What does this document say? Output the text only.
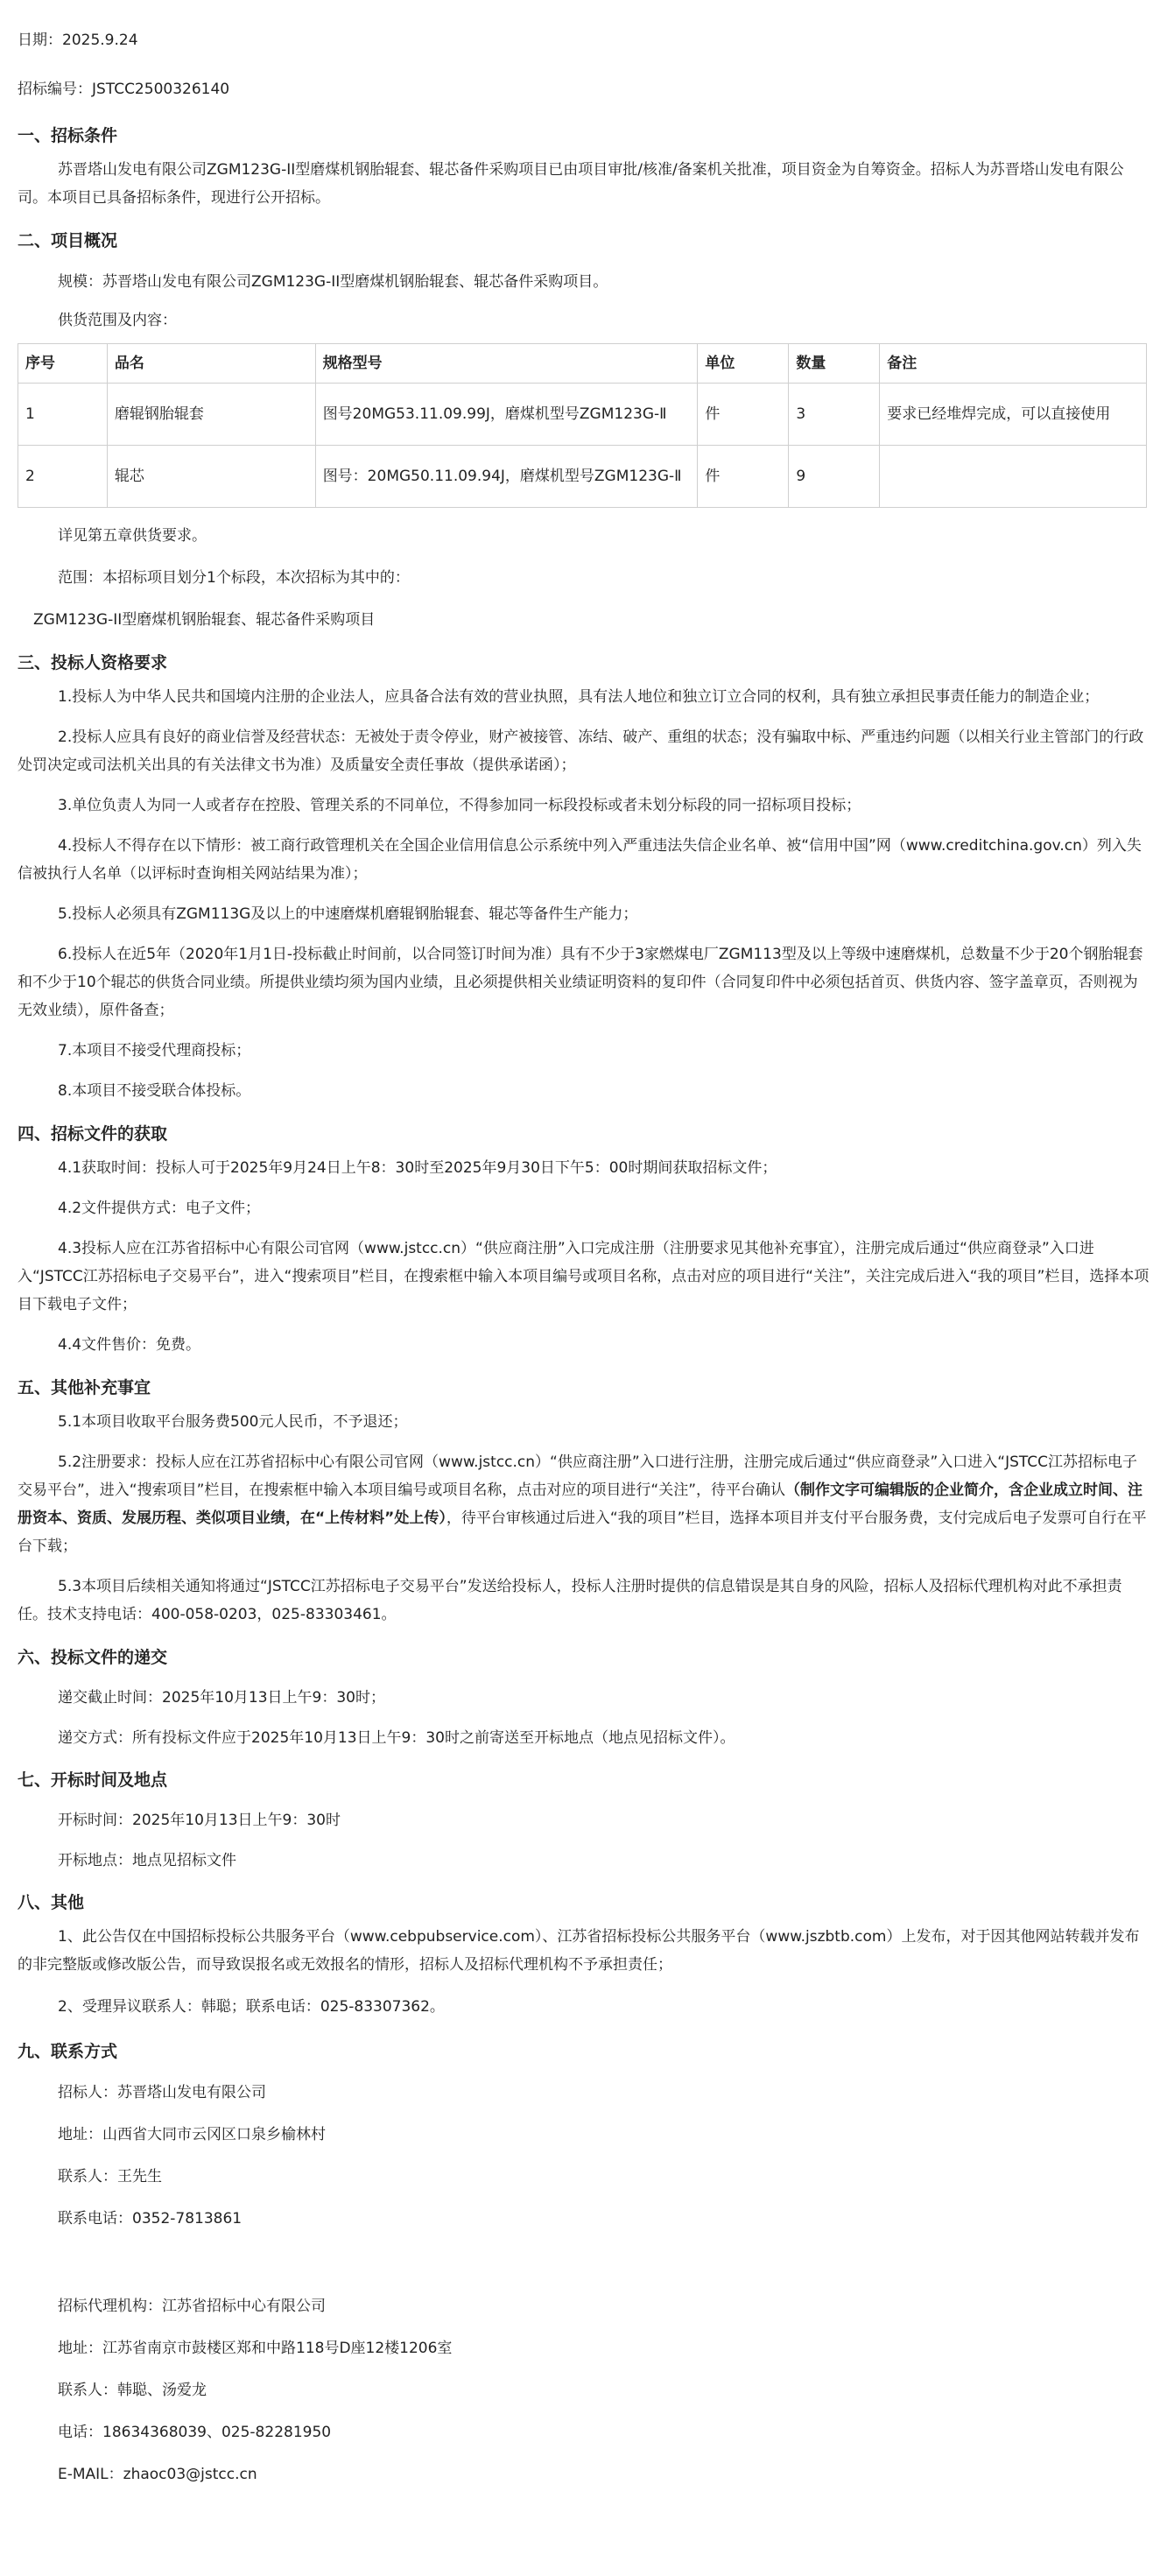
日期：2025.9.24
招标编号：JSTCC2500326140
一、招标条件
苏晋塔山发电有限公司ZGM123G-II型磨煤机钢胎辊套、辊芯备件采购项目已由项目审批/核准/备案机关批准，项目资金为自筹资金。招标人为苏晋塔山发电有限公司。本项目已具备招标条件，现进行公开招标。
二、项目概况
规模：苏晋塔山发电有限公司ZGM123G-II型磨煤机钢胎辊套、辊芯备件采购项目。
供货范围及内容：
序号	品名	规格型号	单位	数量	备注
1	磨辊钢胎辊套	图号20MG53.11.09.99J，磨煤机型号ZGM123G-Ⅱ	件	3	要求已经堆焊完成，可以直接使用
2	辊芯	图号：20MG50.11.09.94J，磨煤机型号ZGM123G-Ⅱ	件	9	
详见第五章供货要求。
范围：本招标项目划分1个标段，本次招标为其中的：
ZGM123G-II型磨煤机钢胎辊套、辊芯备件采购项目
三、投标人资格要求
1.投标人为中华人民共和国境内注册的企业法人，应具备合法有效的营业执照，具有法人地位和独立订立合同的权利，具有独立承担民事责任能力的制造企业；
2.投标人应具有良好的商业信誉及经营状态：无被处于责令停业，财产被接管、冻结、破产、重组的状态；没有骗取中标、严重违约问题（以相关行业主管部门的行政处罚决定或司法机关出具的有关法律文书为准）及质量安全责任事故（提供承诺函）；
3.单位负责人为同一人或者存在控股、管理关系的不同单位，不得参加同一标段投标或者未划分标段的同一招标项目投标；
4.投标人不得存在以下情形：被工商行政管理机关在全国企业信用信息公示系统中列入严重违法失信企业名单、被“信用中国”网（www.creditchina.gov.cn）列入失信被执行人名单（以评标时查询相关网站结果为准）；
5.投标人必须具有ZGM113G及以上的中速磨煤机磨辊钢胎辊套、辊芯等备件生产能力；
6.投标人在近5年（2020年1月1日-投标截止时间前，以合同签订时间为准）具有不少于3家燃煤电厂ZGM113型及以上等级中速磨煤机，总数量不少于20个钢胎辊套和不少于10个辊芯的供货合同业绩。所提供业绩均须为国内业绩，且必须提供相关业绩证明资料的复印件（合同复印件中必须包括首页、供货内容、签字盖章页，否则视为无效业绩），原件备查；
7.本项目不接受代理商投标；
8.本项目不接受联合体投标。
四、招标文件的获取
4.1获取时间：投标人可于2025年9月24日上午8：30时至2025年9月30日下午5：00时期间获取招标文件；
4.2文件提供方式：电子文件；
4.3投标人应在江苏省招标中心有限公司官网（www.jstcc.cn）“供应商注册”入口完成注册（注册要求见其他补充事宜），注册完成后通过“供应商登录”入口进入“JSTCC江苏招标电子交易平台”，进入“搜索项目”栏目，在搜索框中输入本项目编号或项目名称，点击对应的项目进行“关注”，关注完成后进入“我的项目”栏目，选择本项目下载电子文件；
4.4文件售价：免费。
五、其他补充事宜
5.1本项目收取平台服务费500元人民币，不予退还；
5.2注册要求：投标人应在江苏省招标中心有限公司官网（www.jstcc.cn）“供应商注册”入口进行注册，注册完成后通过“供应商登录”入口进入“JSTCC江苏招标电子交易平台”，进入“搜索项目”栏目，在搜索框中输入本项目编号或项目名称，点击对应的项目进行“关注”，待平台确认（制作文字可编辑版的企业简介，含企业成立时间、注册资本、资质、发展历程、类似项目业绩，在“上传材料”处上传），待平台审核通过后进入“我的项目”栏目，选择本项目并支付平台服务费，支付完成后电子发票可自行在平台下载；
5.3本项目后续相关通知将通过“JSTCC江苏招标电子交易平台”发送给投标人，投标人注册时提供的信息错误是其自身的风险，招标人及招标代理机构对此不承担责任。技术支持电话：400-058-0203，025-83303461。
六、投标文件的递交
递交截止时间：2025年10月13日上午9：30时；
递交方式：所有投标文件应于2025年10月13日上午9：30时之前寄送至开标地点（地点见招标文件）。
七、开标时间及地点
开标时间：2025年10月13日上午9：30时
开标地点：地点见招标文件
八、其他
1、此公告仅在中国招标投标公共服务平台（www.cebpubservice.com）、江苏省招标投标公共服务平台（www.jszbtb.com）上发布，对于因其他网站转载并发布的非完整版或修改版公告，而导致误报名或无效报名的情形，招标人及招标代理机构不予承担责任；
2、受理异议联系人：韩聪；联系电话：025-83307362。
九、联系方式
招标人：苏晋塔山发电有限公司
地址：山西省大同市云冈区口泉乡榆林村
联系人：王先生
联系电话：0352-7813861
招标代理机构：江苏省招标中心有限公司
地址：江苏省南京市鼓楼区郑和中路118号D座12楼1206室
联系人：韩聪、汤爱龙
电话：18634368039、025-82281950
E-MAIL：zhaoc03@jstcc.cn
